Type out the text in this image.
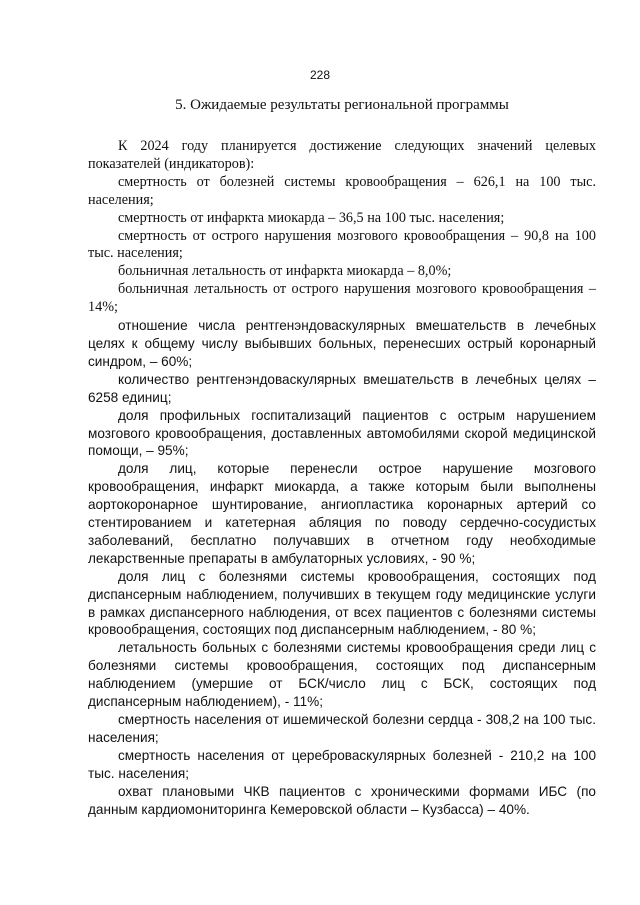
228
5. Ожидаемые результаты региональной программы

К 2024 году планируется достижение следующих значений целевых показателей (индикаторов):

смертность от болезней системы кровообращения – 626,1 на 100 тыс. населения;

смертность от инфаркта миокарда – 36,5 на 100 тыс. населения;

смертность от острого нарушения мозгового кровообращения – 90,8 на 100 тыс. населения;

больничная летальность от инфаркта миокарда – 8,0%;

больничная летальность от острого нарушения мозгового кровообращения – 14%;

отношение числа рентгенэндоваскулярных вмешательств в лечебных целях к общему числу выбывших больных, перенесших острый коронарный синдром, – 60%;

количество рентгенэндоваскулярных вмешательств в лечебных целях – 6258 единиц;

доля профильных госпитализаций пациентов с острым нарушением мозгового кровообращения, доставленных автомобилями скорой медицинской помощи, – 95%;

доля лиц, которые перенесли острое нарушение мозгового кровообращения, инфаркт миокарда, а также которым были выполнены аортокоронарное шунтирование, ангиопластика коронарных артерий со стентированием и катетерная абляция по поводу сердечно-сосудистых заболеваний, бесплатно получавших в отчетном году необходимые лекарственные препараты в амбулаторных условиях, - 90 %;

доля лиц с болезнями системы кровообращения, состоящих под диспансерным наблюдением, получивших в текущем году медицинские услуги в рамках диспансерного наблюдения, от всех пациентов с болезнями системы кровообращения, состоящих под диспансерным наблюдением, - 80 %;

летальность больных с болезнями системы кровообращения среди лиц с болезнями системы кровообращения, состоящих под диспансерным наблюдением (умершие от БСК/число лиц с БСК, состоящих под диспансерным наблюдением), - 11%;

смертность населения от ишемической болезни сердца - 308,2 на 100 тыс. населения;

смертность населения от цереброваскулярных болезней - 210,2 на 100 тыс. населения;

охват плановыми ЧКВ пациентов с хроническими формами ИБС (по данным кардиомониторинга Кемеровской области – Кузбасса) – 40%.
